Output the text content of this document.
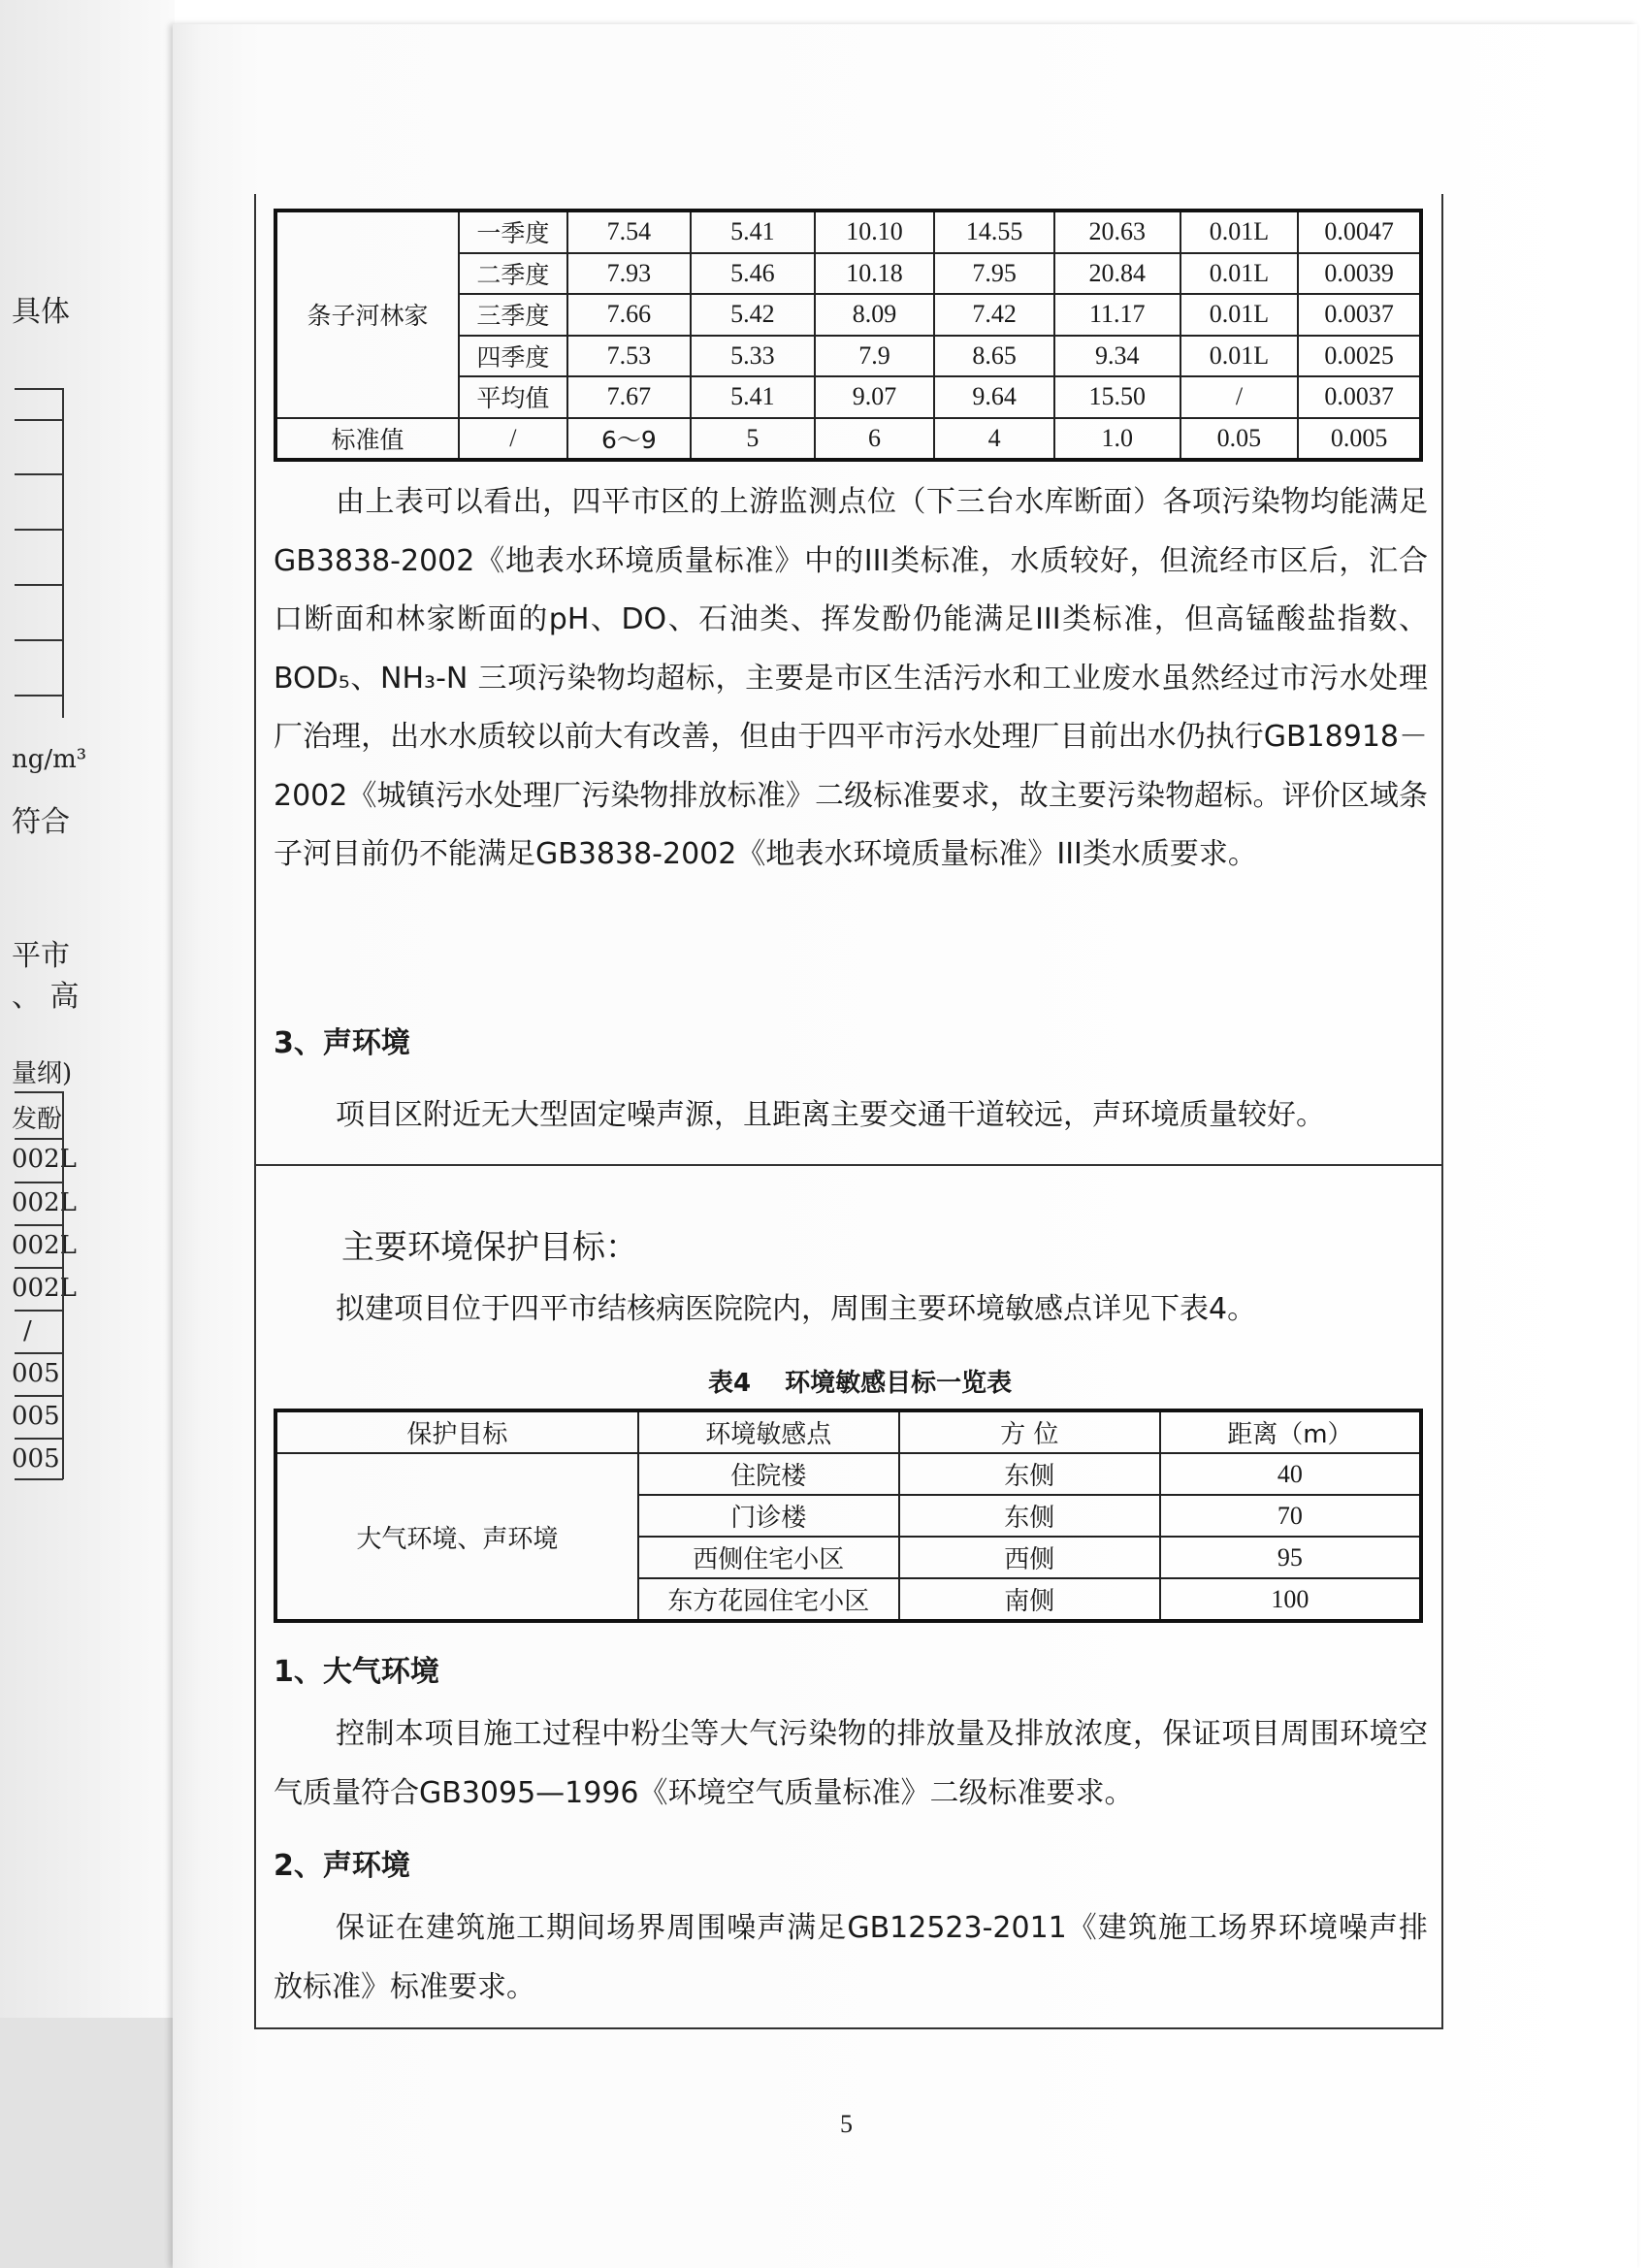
具体
ng/m³
符合
平市
、 高
量纲)
发酚
002L
002L
002L
002L
/
005
005
005
条子河林家	一季度	7.54	5.41	10.10	14.55	20.63	0.01L	0.0047
	二季度	7.93	5.46	10.18	7.95	20.84	0.01L	0.0039
	三季度	7.66	5.42	8.09	7.42	11.17	0.01L	0.0037
	四季度	7.53	5.33	7.9	8.65	9.34	0.01L	0.0025
	平均值	7.67	5.41	9.07	9.64	15.50	/	0.0037
标准值	/	6～9	5	6	4	1.0	0.05	0.005
由上表可以看出，四平市区的上游监测点位（下三台水库断面）各项污染物均能满足GB3838-2002《地表水环境质量标准》中的III类标准，水质较好，但流经市区后，汇合口断面和林家断面的pH、DO、石油类、挥发酚仍能满足III类标准，但高锰酸盐指数、BOD₅、NH₃-N 三项污染物均超标，主要是市区生活污水和工业废水虽然经过市污水处理厂治理，出水水质较以前大有改善，但由于四平市污水处理厂目前出水仍执行GB18918－2002《城镇污水处理厂污染物排放标准》二级标准要求，故主要污染物超标。评价区域条子河目前仍不能满足GB3838-2002《地表水环境质量标准》III类水质要求。
3、声环境
项目区附近无大型固定噪声源，且距离主要交通干道较远，声环境质量较好。
主要环境保护目标：
拟建项目位于四平市结核病医院院内，周围主要环境敏感点详见下表4。
表4　 环境敏感目标一览表
保护目标	环境敏感点	方 位	距离（m）
大气环境、声环境	住院楼	东侧	40
	门诊楼	东侧	70
	西侧住宅小区	西侧	95
	东方花园住宅小区	南侧	100
1、大气环境
控制本项目施工过程中粉尘等大气污染物的排放量及排放浓度，保证项目周围环境空气质量符合GB3095—1996《环境空气质量标准》二级标准要求。
2、声环境
保证在建筑施工期间场界周围噪声满足GB12523-2011《建筑施工场界环境噪声排放标准》标准要求。
5
